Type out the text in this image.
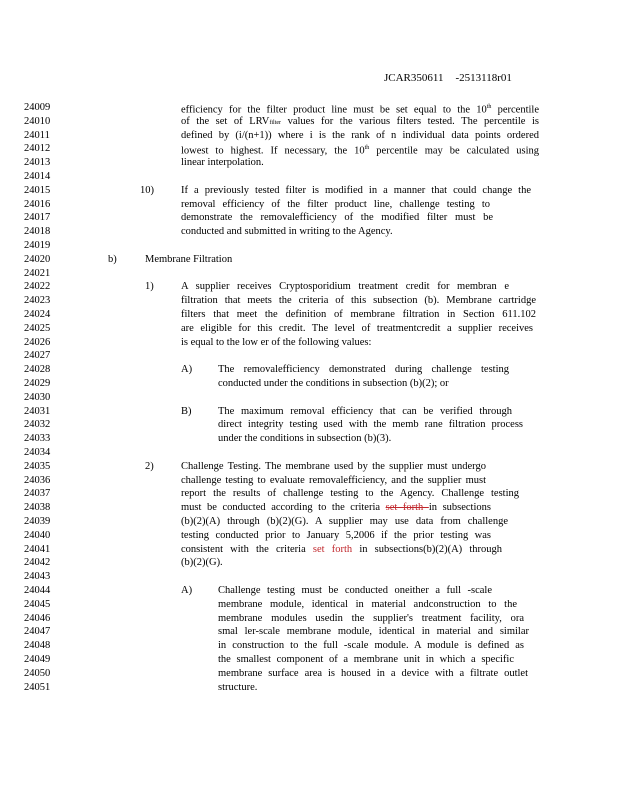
JCAR350611 -2513118r01
24009
24010
24011
24012
24013
24014
24015
24016
24017
24018
24019
24020
24021
24022
24023
24024
24025
24026
24027
24028
24029
24030
24031
24032
24033
24034
24035
24036
24037
24038
24039
24040
24041
24042
24043
24044
24045
24046
24047
24048
24049
24050
24051
efficiency for the filter product line must be set equal to the 10th percentile
of the set of LRVfilter values for the various filters tested. The percentile is
defined by (i/(n+1)) where i is the rank of n individual data points ordered
lowest to highest. If necessary, the 10th percentile may be calculated using
linear interpolation.
10)	If a previously tested filter is modified in a manner that could change the
removal efficiency of the filter product line, challenge testing to
demonstrate the removalefficiency of the modified filter must be
conducted and submitted in writing to the Agency.
b)	Membrane Filtration
1)	A supplier receives Cryptosporidium treatment credit for membran e
filtration that meets the criteria of this subsection (b). Membrane cartridge
filters that meet the definition of membrane filtration in Section 611.102
are eligible for this credit. The level of treatmentcredit a supplier receives
is equal to the low er of the following values:
A) The removalefficiency demonstrated during challenge testing
conducted under the conditions in subsection (b)(2); or
B)	The maximum removal efficiency that can be verified through
direct integrity testing used with the memb rane filtration process
under the conditions in subsection (b)(3).
2)	Challenge Testing. The membrane used by the supplier must undergo
challenge testing to evaluate removalefficiency, and the supplier must
report the results of challenge testing to the Agency. Challenge testing
must be conducted according to the criteria set forth in subsections
(b)(2)(A) through (b)(2)(G). A supplier may use data from challenge
testing conducted prior to January 5,2006 if the prior testing was
consistent with the criteria set forth in subsections(b)(2)(A) through
(b)(2)(G).
A) Challenge testing must be conducted oneither a full -scale
membrane module, identical in material andconstruction to the
membrane modules usedin the supplier's treatment facility, ora
smal ler-scale membrane module, identical in material and similar
in construction to the full -scale module. A module is defined as
the smallest component of a membrane unit in which a specific
membrane surface area is housed in a device with a filtrate outlet
structure.
